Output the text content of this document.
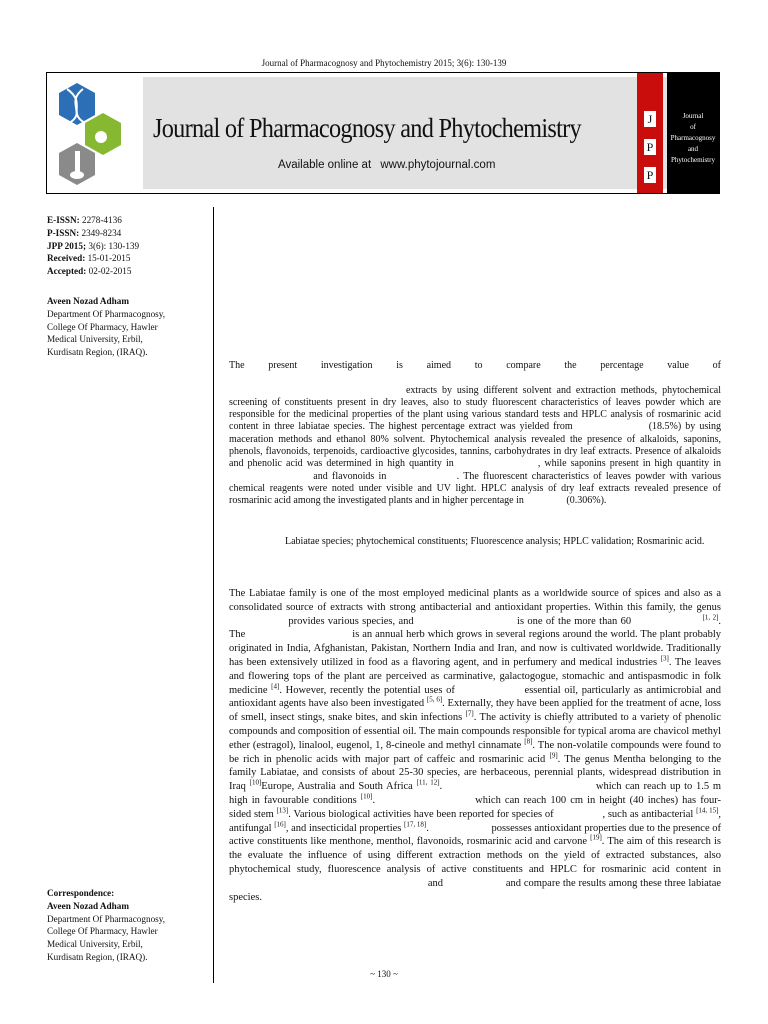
Journal of Pharmacognosy and Phytochemistry 2015; 3(6): 130-139
Journal of Pharmacognosy and Phytochemistry
Available online at www.phytojournal.com
J
P
P
Journal
of
Pharmacognosy
and
Phytochemistry
E-ISSN: 2278-4136
P-ISSN: 2349-8234
JPP 2015; 3(6): 130-139
Received: 15-01-2015
Accepted: 02-02-2015
Aveen Nozad Adham
Department Of Pharmacognosy,
College Of Pharmacy, Hawler
Medical University, Erbil,
Kurdisatn Region, (IRAQ).
Correspondence:
Aveen Nozad Adham
Department Of Pharmacognosy,
College Of Pharmacy, Hawler
Medical University, Erbil,
Kurdisatn Region, (IRAQ).

The present investigation is aimed to compare the percentage value of  extracts by using different solvent and extraction methods, phytochemical screening of constituents present in dry leaves, also to study fluorescent characteristics of leaves powder which are responsible for the medicinal properties of the plant using various standard tests and HPLC analysis of rosmarinic acid content in three labiatae species. The highest percentage extract was yielded from	(18.5%) by using maceration methods and ethanol 80% solvent. Phytochemical analysis revealed the presence of alkaloids, saponins, phenols, flavonoids, terpenoids, cardioactive glycosides, tannins, carbohydrates in dry leaf extracts. Presence of alkaloids and phenolic acid was determined in high quantity in	, while saponins present in high quantity in and flavonoids in	. The fluorescent characteristics of leaves powder with various chemical reagents were noted under visible and UV light. HPLC analysis of dry leaf extracts revealed presence of rosmarinic acid among the investigated plants and in higher percentage in	(0.306%).

Labiatae species; phytochemical constituents; Fluorescence analysis; HPLC validation; Rosmarinic acid.

The Labiatae family is one of the most employed medicinal plants as a worldwide source of spices and also as a consolidated source of extracts with strong antibacterial and antioxidant properties. Within this family, the genus provides various species, and	is one of the more than 60	[1, 2]. The	is an annual herb which grows in several regions around the world. The plant probably originated in India, Afghanistan, Pakistan, Northern India and Iran, and now is cultivated worldwide. Traditionally has been extensively utilized in food as a flavoring agent, and in perfumery and medical industries [3]. The leaves and flowering tops of the plant are perceived as carminative, galactogogue, stomachic and antispasmodic in folk medicine [4]. However, recently the potential uses of	essential oil, particularly as antimicrobial and antioxidant agents have also been investigated [5, 6]. Externally, they have been applied for the treatment of acne, loss of smell, insect stings, snake bites, and skin infections [7]. The activity is chiefly attributed to a variety of phenolic compounds and composition of essential oil. The main compounds responsible for typical aroma are chavicol methyl ether (estragol), linalool, eugenol, 1, 8-cineole and methyl cinnamate [8]. The non-volatile compounds were found to be rich in phenolic acids with major part of caffeic and rosmarinic acid [9]. The genus Mentha belonging to the family Labiatae, and consists of about 25-30 species, are herbaceous, perennial plants, widespread distribution in Iraq [10]Europe, Australia and South Africa [11, 12].	which can reach up to 1.5 m high in favourable conditions [10].	which can reach 100 cm in height (40 inches) has four-sided stem [13]. Various biological activities have been reported for species of	, such as antibacterial [14, 15], antifungal [16], and insecticidal properties [17, 18].	possesses antioxidant properties due to the presence of active constituents like menthone, menthol, flavonoids, rosmarinic acid and carvone [19]. The aim of this research is the evaluate the influence of using different extraction methods on the yield of extracted substances, also phytochemical study, fluorescence analysis of active constituents and HPLC for rosmarinic acid content in and	and compare the results among these three labiatae species.

~ 130 ~
